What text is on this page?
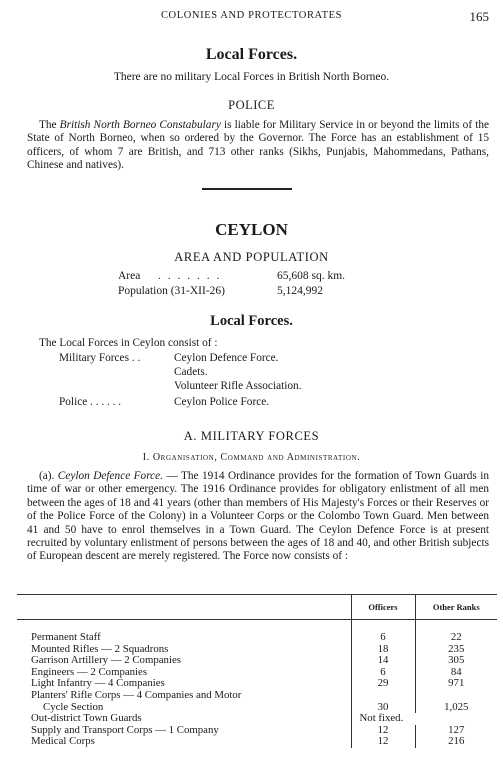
COLONIES AND PROTECTORATES	165
Local Forces.
There are no military Local Forces in British North Borneo.
POLICE

The British North Borneo Constabulary is liable for Military Service in or beyond the limits of the State of North Borneo, when so ordered by the Governor. The Force has an establishment of 15 officers, of whom 7 are British, and 713 other ranks (Sikhs, Punjabis, Mahommedans, Pathans, Chinese and natives).

CEYLON
AREA AND POPULATION
Area . . . . . . .	65,608 sq. km.
Population (31-XII-26)	5,124,992
Local Forces.
The Local Forces in Ceylon consist of :
Military Forces . .	Ceylon Defence Force.
Cadets.
Volunteer Rifle Association.
Police . . . . . .	Ceylon Police Force.
A. MILITARY FORCES
I. Organisation, Command and Administration.

(a). Ceylon Defence Force. — The 1914 Ordinance provides for the formation of Town Guards in time of war or other emergency. The 1916 Ordinance provides for obligatory enlistment of all men between the ages of 18 and 41 years (other than members of His Majesty's Forces or their Reserves or of the Police Force of the Colony) in a Volunteer Corps or the Colombo Town Guard. Men between 41 and 50 have to enrol themselves in a Town Guard. The Ceylon Defence Force is at present recruited by voluntary enlistment of persons between the ages of 18 and 40, and other British subjects of European descent are merely registered. The Force now consists of :

	Officers	Other Ranks

Permanent Staff	6	22
Mounted Rifles — 2 Squadrons	18	235
Garrison Artillery — 2 Companies	14	305
Engineers — 2 Companies	6	84
Light Infantry — 4 Companies	29	971
Planters' Rifle Corps — 4 Companies and Motor		
Cycle Section	30	1,025
Out-district Town Guards	Not fixed.	
Supply and Transport Corps — 1 Company	12	127
Medical Corps	12	216
